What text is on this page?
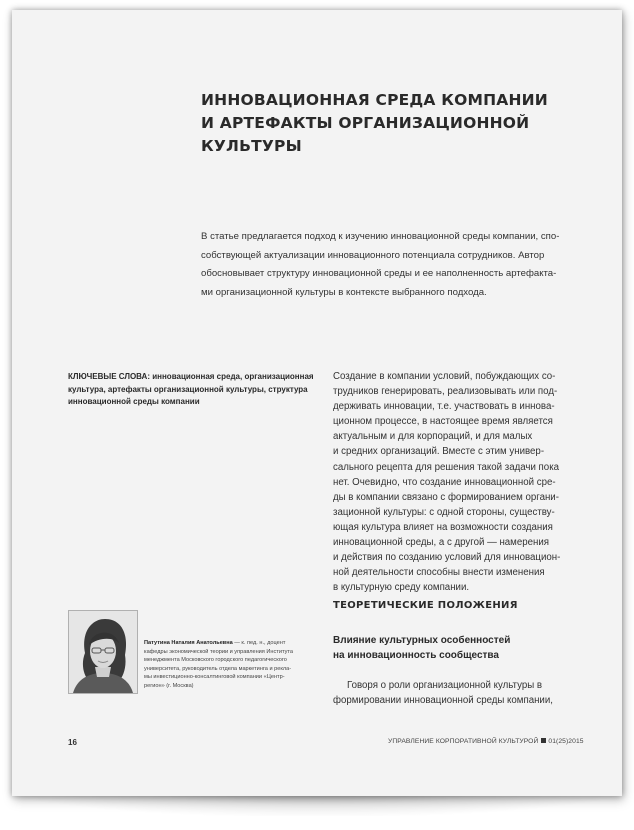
ИННОВАЦИОННАЯ СРЕДА КОМПАНИИ
И АРТЕФАКТЫ ОРГАНИЗАЦИОННОЙ
КУЛЬТУРЫ
В статье предлагается подход к изучению инновационной среды компании, спо-
собствующей актуализации инновационного потенциала сотрудников. Автор
обосновывает структуру инновационной среды и ее наполненность артефакта-
ми организационной культуры в контексте выбранного подхода.
КЛЮЧЕВЫЕ СЛОВА: инновационная среда, организационная
культура, артефакты организационной культуры, структура
инновационной среды компании
Создание в компании условий, побуждающих со-
трудников генерировать, реализовывать или под-
держивать инновации, т.е. участвовать в иннова-
ционном процессе, в настоящее время является
актуальным и для корпораций, и для малых
и средних организаций. Вместе с этим универ-
сального рецепта для решения такой задачи пока
нет. Очевидно, что создание инновационной сре-
ды в компании связано с формированием органи-
зационной культуры: с одной стороны, существу-
ющая культура влияет на возможности создания
инновационной среды, а с другой — намерения
и действия по созданию условий для инновацион-
ной деятельности способны внести изменения
в культурную среду компании.
ТЕОРЕТИЧЕСКИЕ ПОЛОЖЕНИЯ
Влияние культурных особенностей
на инновационность сообщества
Говоря о роли организационной культуры в
формировании инновационной среды компании,
Патутина Наталия Анатольевна — к. пед. н., доцент
кафедры экономической теории и управления Института
менеджмента Московского городского педагогического
университета, руководитель отдела маркетинга и рекла-
мы инвестиционно-консалтинговой компании «Центр-
регион» (г. Москва)
16	УПРАВЛЕНИЕ КОРПОРАТИВНОЙ КУЛЬТУРОЙ 01(25)2015
